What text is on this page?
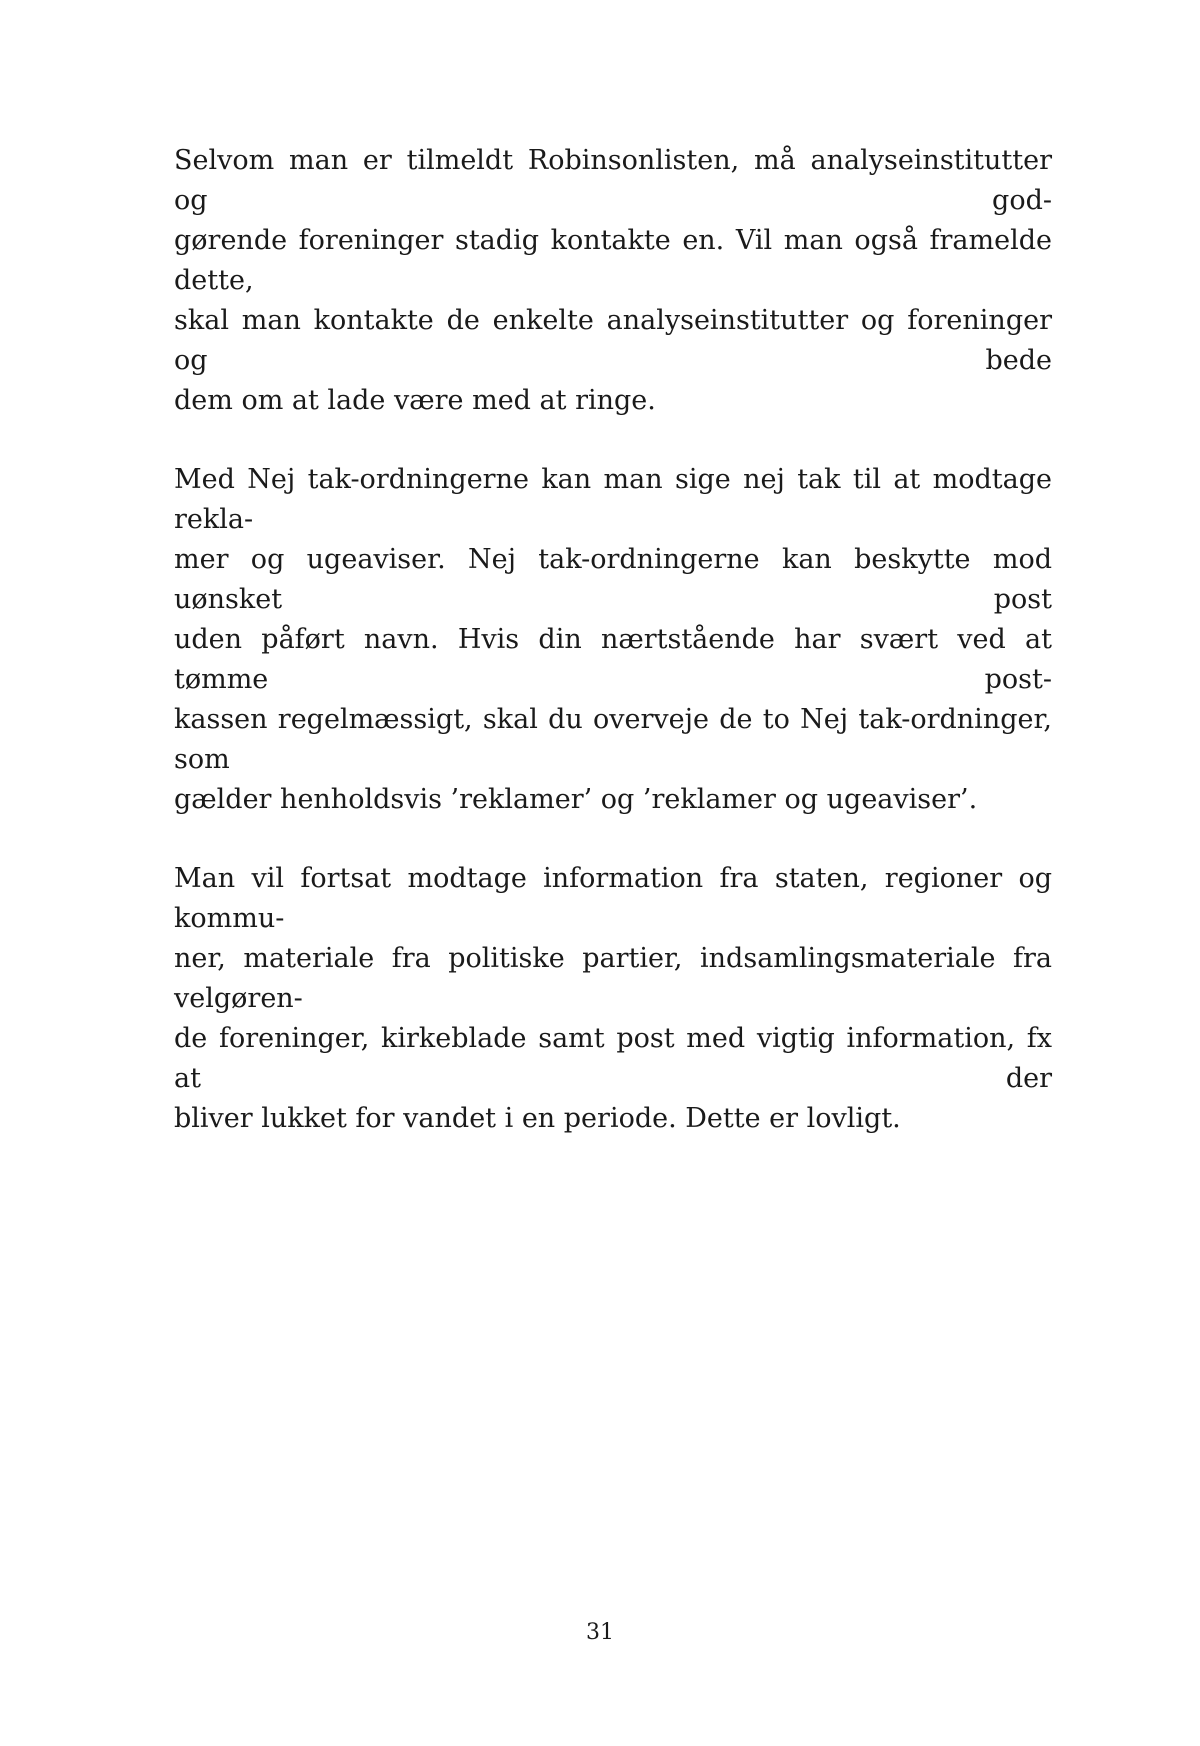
Selvom man er tilmeldt Robinsonlisten, må analyseinstitutter og god-
gørende foreninger stadig kontakte en. Vil man også framelde dette,
skal man kontakte de enkelte analyseinstitutter og foreninger og bede
dem om at lade være med at ringe.

Med Nej tak-ordningerne kan man sige nej tak til at modtage rekla-
mer og ugeaviser. Nej tak-ordningerne kan beskytte mod uønsket post
uden påført navn. Hvis din nærtstående har svært ved at tømme post-
kassen regelmæssigt, skal du overveje de to Nej tak-ordninger, som
gælder henholdsvis ’reklamer’ og ’reklamer og ugeaviser’.

Man vil fortsat modtage information fra staten, regioner og kommu-
ner, materiale fra politiske partier, indsamlingsmateriale fra velgøren-
de foreninger, kirkeblade samt post med vigtig information, fx at der
bliver lukket for vandet i en periode. Dette er lovligt.

31
